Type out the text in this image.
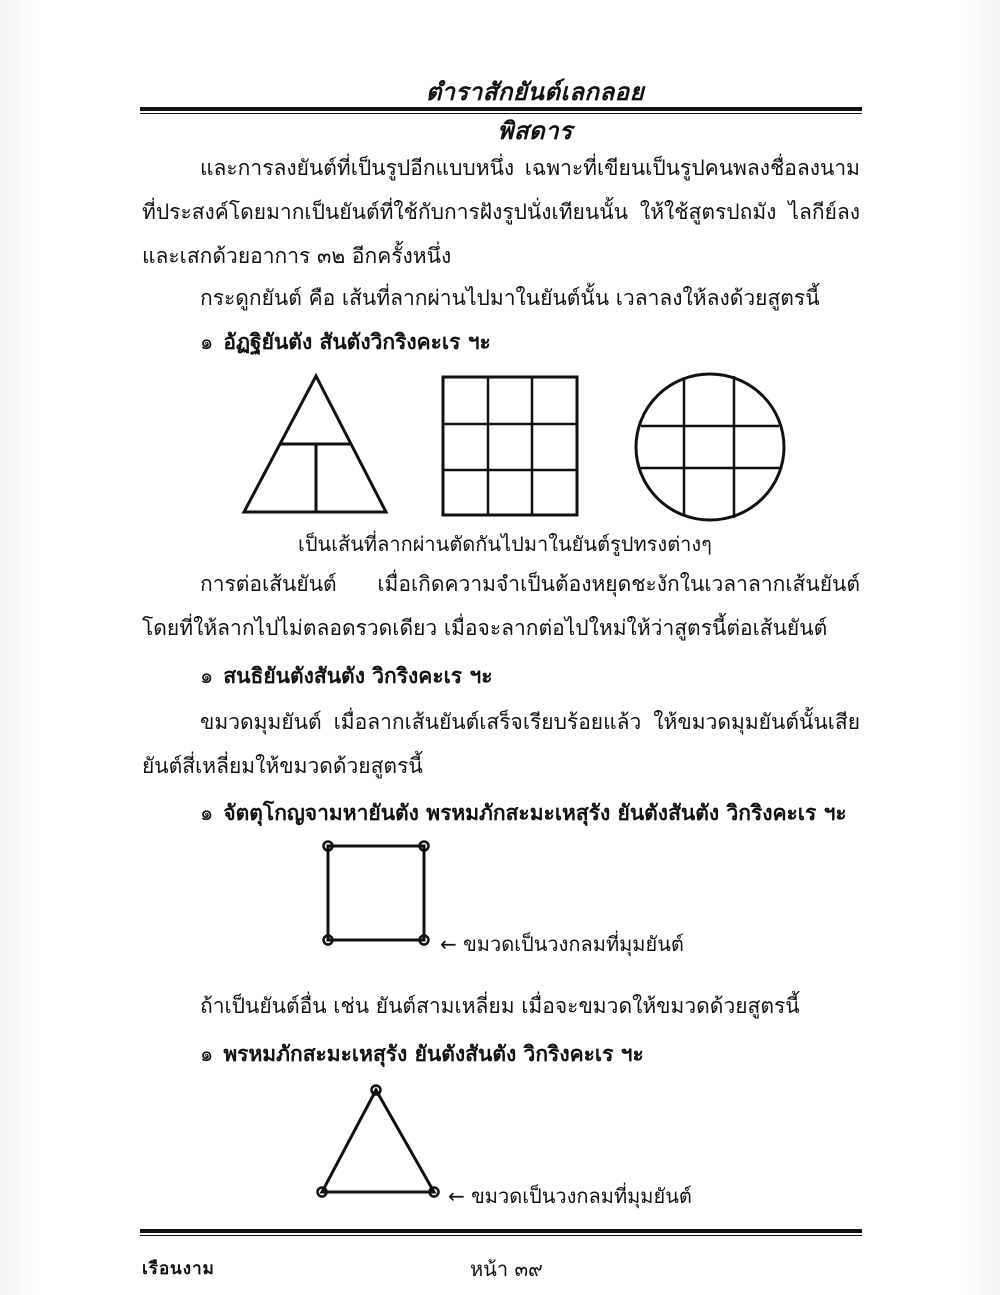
ตำราสักยันต์เลกลอยพิสดาร
และการลงยันต์ที่เป็นรูปอีกแบบหนึ่ง เฉพาะที่เขียนเป็นรูปคนพลงชื่อลงนาม ที่ประสงค์โดยมากเป็นยันต์ที่ใช้กับการฝังรูปนั่งเทียนนั้น ให้ใช้สูตรปถมัง ไลกีย์ลง และเสกด้วยอาการ ๓๒ อีกครั้งหนึ่ง
กระดูกยันต์ คือ เส้นที่ลากผ่านไปมาในยันต์นั้น เวลาลงให้ลงด้วยสูตรนี้
๑ อัฏฐิยันตัง สันตังวิกริงคะเร ฯะ
เป็นเส้นที่ลากผ่านตัดกันไปมาในยันต์รูปทรงต่างๆ
การต่อเส้นยันต์ เมื่อเกิดความจำเป็นต้องหยุดชะงักในเวลาลากเส้นยันต์ โดยที่ให้ลากไปไม่ตลอดรวดเดียว เมื่อจะลากต่อไปใหม่ให้ว่าสูตรนี้ต่อเส้นยันต์
๑ สนธิยันตังสันตัง วิกริงคะเร ฯะ
ขมวดมุมยันต์ เมื่อลากเส้นยันต์เสร็จเรียบร้อยแล้ว ให้ขมวดมุมยันต์นั้นเสีย ยันต์สี่เหลี่ยมให้ขมวดด้วยสูตรนี้
๑ จัตตุโกญจามหายันตัง พรหมภักสะมะเหสุรัง ยันตังสันตัง วิกริงคะเร ฯะ
← ขมวดเป็นวงกลมที่มุมยันต์
ถ้าเป็นยันต์อื่น เช่น ยันต์สามเหลี่ยม เมื่อจะขมวดให้ขมวดด้วยสูตรนี้
๑ พรหมภักสะมะเหสุรัง ยันตังสันตัง วิกริงคะเร ฯะ
← ขมวดเป็นวงกลมที่มุมยันต์
เรือนงาม	หน้า ๓๙
